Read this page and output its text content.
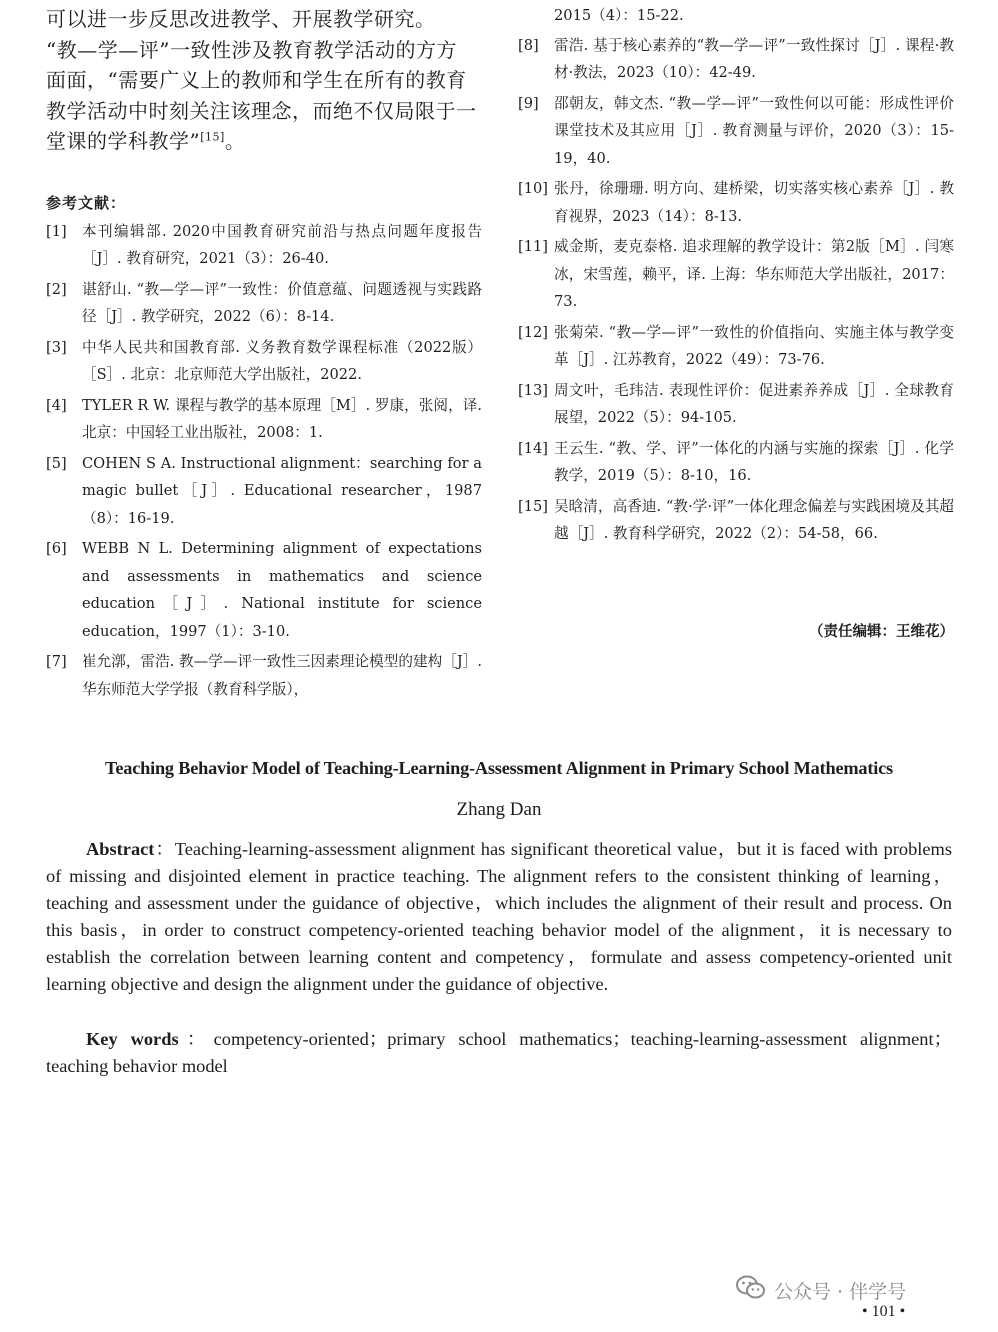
可以进一步反思改进教学、开展教学研究。

“教—学—评”一致性涉及教育教学活动的方方

面面，“需要广义上的教师和学生在所有的教育

教学活动中时刻关注该理念，而绝不仅局限于一

堂课的学科教学”[15]。

参考文献：
[1]	本刊编辑部. 2020中国教育研究前沿与热点问题年度报告［J］. 教育研究，2021（3）：26-40.
[2]	谌舒山. “教—学—评”一致性：价值意蕴、问题透视与实践路径［J］. 教学研究，2022（6）：8-14.
[3]	中华人民共和国教育部. 义务教育数学课程标准（2022版）［S］. 北京：北京师范大学出版社，2022.
[4]	TYLER R W. 课程与教学的基本原理［M］. 罗康，张阅，译. 北京：中国轻工业出版社，2008：1.
[5]	COHEN S A. Instructional alignment：searching for a magic bullet［J］. Educational researcher，1987（8）：16-19.
[6]	WEBB N L. Determining alignment of expectations and assessments in mathematics and science education［J］. National institute for science education，1997（1）：3-10.
[7]	崔允漷，雷浩. 教—学—评一致性三因素理论模型的建构［J］. 华东师范大学学报（教育科学版），
2015（4）：15-22.
[8]	雷浩. 基于核心素养的“教—学—评”一致性探讨［J］. 课程·教材·教法，2023（10）：42-49.
[9]	邵朝友，韩文杰. “教—学—评”一致性何以可能：形成性评价课堂技术及其应用［J］. 教育测量与评价，2020（3）：15-19，40.
[10] 张丹，徐珊珊. 明方向、建桥梁，切实落实核心素养［J］. 教育视界，2023（14）：8-13.
[11] 威金斯，麦克泰格. 追求理解的教学设计：第2版［M］. 闫寒冰，宋雪莲，赖平，译. 上海：华东师范大学出版社，2017：73.
[12] 张菊荣. “教—学—评”一致性的价值指向、实施主体与教学变革［J］. 江苏教育，2022（49）：73-76.
[13] 周文叶，毛玮洁. 表现性评价：促进素养养成［J］. 全球教育展望，2022（5）：94-105.
[14] 王云生. “教、学、评”一体化的内涵与实施的探索［J］. 化学教学，2019（5）：8-10，16.
[15] 吴晗清，高香迪. “教·学·评”一体化理念偏差与实践困境及其超越［J］. 教育科学研究，2022（2）：54-58，66.
（责任编辑：王维花）
Teaching Behavior Model of Teaching-Learning-Assessment Alignment in Primary School Mathematics
Zhang Dan

Abstract：Teaching-learning-assessment alignment has significant theoretical value，but it is faced with problems of missing and disjointed element in practice teaching. The alignment refers to the consistent thinking of learning，teaching and assessment under the guidance of objective，which includes the alignment of their result and process. On this basis，in order to construct competency-oriented teaching behavior model of the alignment，it is necessary to establish the correlation between learning content and competency，formulate and assess competency-oriented unit learning objective and design the alignment under the guidance of objective.

Key words：competency-oriented；primary school mathematics；teaching-learning-assessment alignment；teaching behavior model

公众号 · 伴学号
• 101 •
